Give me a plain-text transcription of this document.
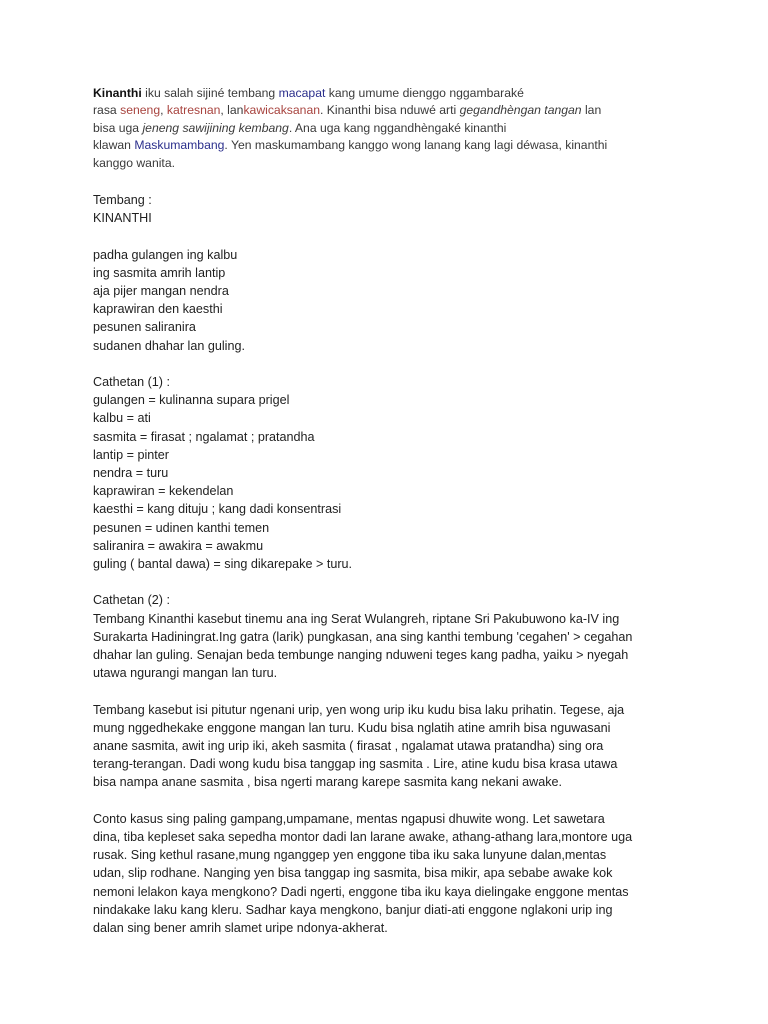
Kinanthi iku salah sijiné tembang macapat kang umume dienggo nggambaraké
rasa seneng, katresnan, lankawicaksanan. Kinanthi bisa nduwé arti gegandhèngan tangan lan
bisa uga jeneng sawijining kembang. Ana uga kang nggandhèngaké kinanthi
klawan Maskumambang. Yen maskumambang kanggo wong lanang kang lagi déwasa, kinanthi
kanggo wanita.
Tembang :
KINANTHI
padha gulangen ing kalbu
ing sasmita amrih lantip
aja pijer mangan nendra
kaprawiran den kaesthi
pesunen saliranira
sudanen dhahar lan guling.
Cathetan (1) :
gulangen = kulinanna supara prigel
kalbu = ati
sasmita = firasat ; ngalamat ; pratandha
lantip = pinter
nendra = turu
kaprawiran = kekendelan
kaesthi = kang dituju ; kang dadi konsentrasi
pesunen = udinen kanthi temen
saliranira = awakira = awakmu
guling ( bantal dawa) = sing dikarepake > turu.
Cathetan (2) :
Tembang Kinanthi kasebut tinemu ana ing Serat Wulangreh, riptane Sri Pakubuwono ka-IV ing
Surakarta Hadiningrat.Ing gatra (larik) pungkasan, ana sing kanthi tembung 'cegahen' > cegahan
dhahar lan guling. Senajan beda tembunge nanging nduweni teges kang padha, yaiku > nyegah
utawa ngurangi mangan lan turu.
Tembang kasebut isi pitutur ngenani urip, yen wong urip iku kudu bisa laku prihatin. Tegese, aja
mung nggedhekake enggone mangan lan turu. Kudu bisa nglatih atine amrih bisa nguwasani
anane sasmita, awit ing urip iki, akeh sasmita ( firasat , ngalamat utawa pratandha) sing ora
terang-terangan. Dadi wong kudu bisa tanggap ing sasmita . Lire, atine kudu bisa krasa utawa
bisa nampa anane sasmita , bisa ngerti marang karepe sasmita kang nekani awake.
Conto kasus sing paling gampang,umpamane, mentas ngapusi dhuwite wong. Let sawetara
dina, tiba kepleset saka sepedha montor dadi lan larane awake, athang-athang lara,montore uga
rusak. Sing kethul rasane,mung nganggep yen enggone tiba iku saka lunyune dalan,mentas
udan, slip rodhane. Nanging yen bisa tanggap ing sasmita, bisa mikir, apa sebabe awake kok
nemoni lelakon kaya mengkono? Dadi ngerti, enggone tiba iku kaya dielingake enggone mentas
nindakake laku kang kleru. Sadhar kaya mengkono, banjur diati-ati enggone nglakoni urip ing
dalan sing bener amrih slamet uripe ndonya-akherat.
